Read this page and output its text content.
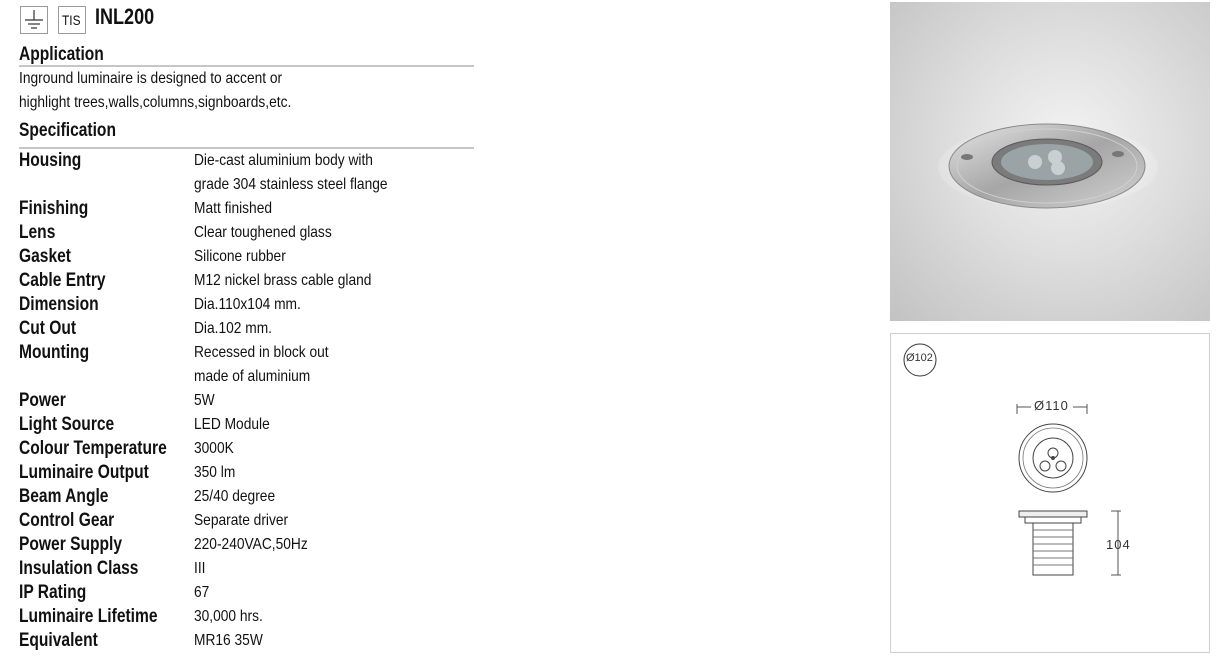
TIS INL200
Application
Inground luminaire is designed to accent or
highlight trees,walls,columns,signboards,etc.
Specification
Housing	Die-cast aluminium body with
grade 304 stainless steel flange
Finishing	Matt finished
Lens	Clear toughened glass
Gasket	Silicone rubber
Cable Entry	M12 nickel brass cable gland
Dimension	Dia.110x104 mm.
Cut Out	Dia.102 mm.
Mounting	Recessed in block out
made of aluminium
Power	5W
Light Source	LED Module
Colour Temperature	3000K
Luminaire Output	350 lm
Beam Angle	25/40 degree
Control Gear	Separate driver
Power Supply	220-240VAC,50Hz
Insulation Class	III
IP Rating	67
Luminaire Lifetime	30,000 hrs.
Equivalent	MR16 35W
Ø102
Ø110
104
